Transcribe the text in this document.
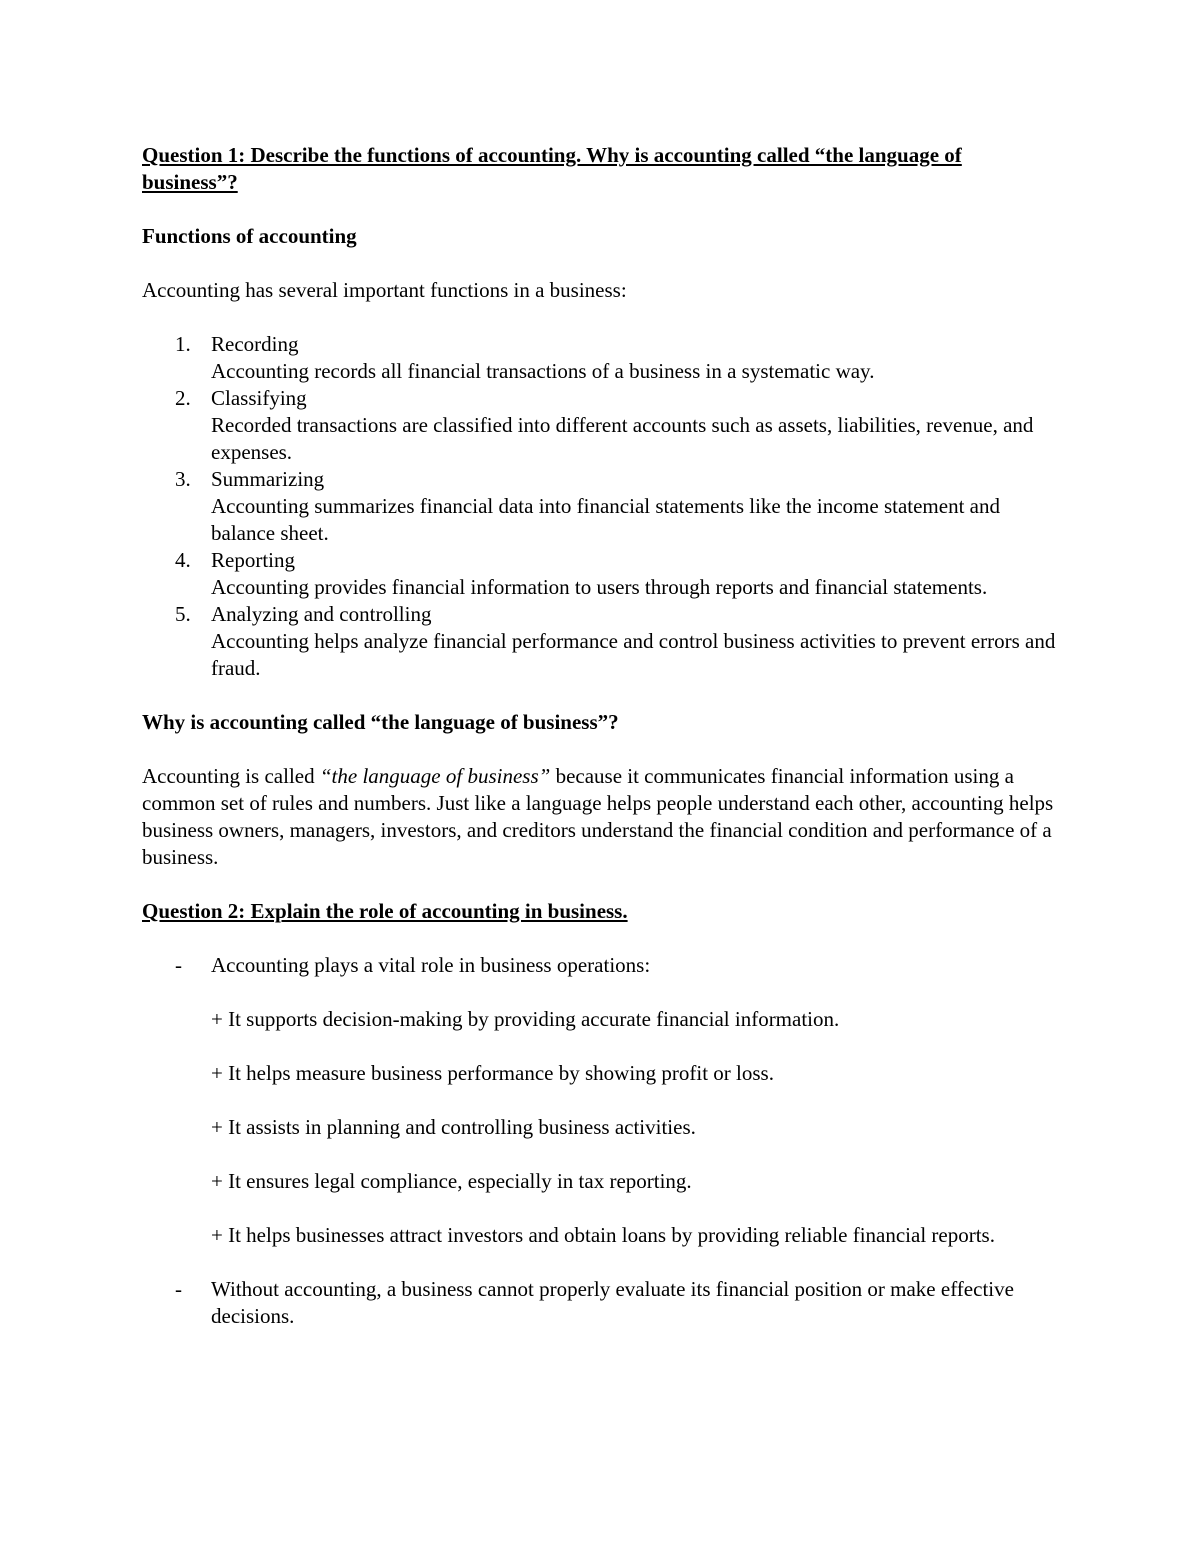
Question 1: Describe the functions of accounting. Why is accounting called “the language of business”?

Functions of accounting

Accounting has several important functions in a business:

1. Recording
Accounting records all financial transactions of a business in a systematic way.
2. Classifying
Recorded transactions are classified into different accounts such as assets, liabilities, revenue, and expenses.
3. Summarizing
Accounting summarizes financial data into financial statements like the income statement and balance sheet.
4. Reporting
Accounting provides financial information to users through reports and financial statements.
5. Analyzing and controlling
Accounting helps analyze financial performance and control business activities to prevent errors and fraud.

Why is accounting called “the language of business”?

Accounting is called “the language of business” because it communicates financial information using a common set of rules and numbers. Just like a language helps people understand each other, accounting helps business owners, managers, investors, and creditors understand the financial condition and performance of a business.

Question 2: Explain the role of accounting in business.

- Accounting plays a vital role in business operations:
+ It supports decision-making by providing accurate financial information.
+ It helps measure business performance by showing profit or loss.
+ It assists in planning and controlling business activities.
+ It ensures legal compliance, especially in tax reporting.
+ It helps businesses attract investors and obtain loans by providing reliable financial reports.
- Without accounting, a business cannot properly evaluate its financial position or make effective decisions.
